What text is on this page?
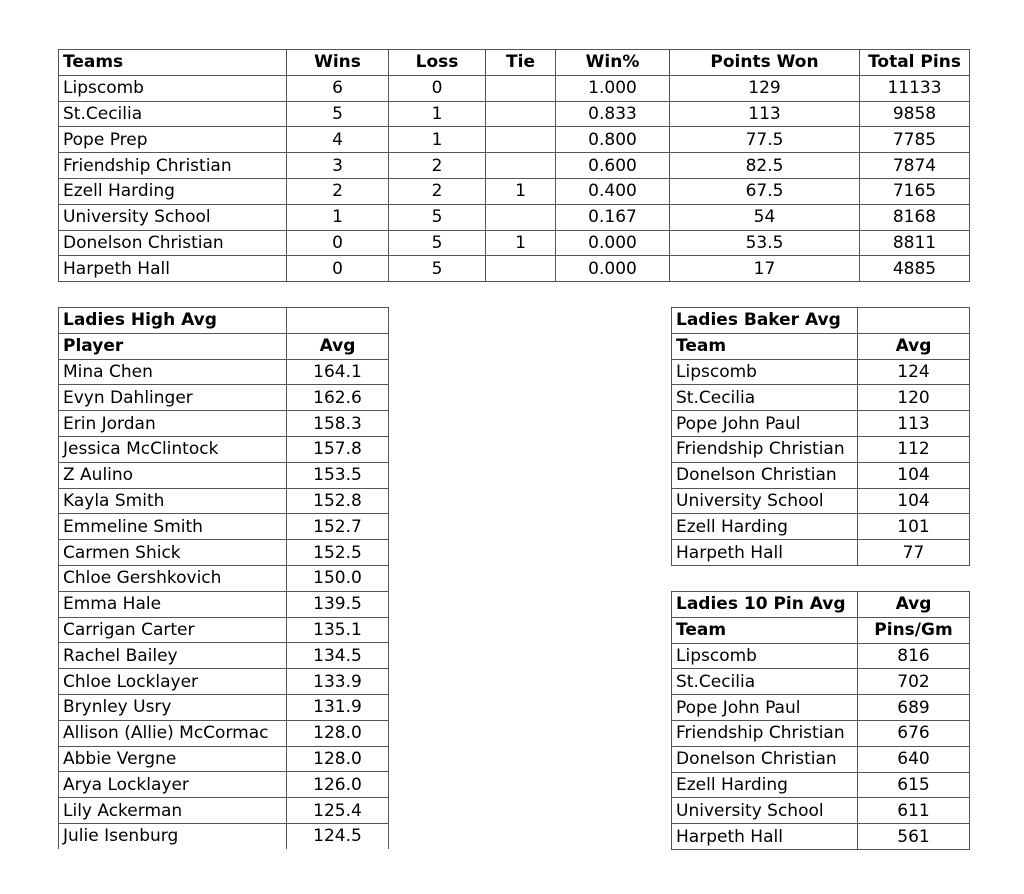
Teams	Wins	Loss	Tie	Win%	Points Won	Total Pins
Lipscomb	6	0		1.000	129	11133
St.Cecilia	5	1		0.833	113	9858
Pope Prep	4	1		0.800	77.5	7785
Friendship Christian	3	2		0.600	82.5	7874
Ezell Harding	2	2	1	0.400	67.5	7165
University School	1	5		0.167	54	8168
Donelson Christian	0	5	1	0.000	53.5	8811
Harpeth Hall	0	5		0.000	17	4885
Ladies High Avg	
Player	Avg
Mina Chen	164.1
Evyn Dahlinger	162.6
Erin Jordan	158.3
Jessica McClintock	157.8
Z Aulino	153.5
Kayla Smith	152.8
Emmeline Smith	152.7
Carmen Shick	152.5
Chloe Gershkovich	150.0
Emma Hale	139.5
Carrigan Carter	135.1
Rachel Bailey	134.5
Chloe Locklayer	133.9
Brynley Usry	131.9
Allison (Allie) McCormac	128.0
Abbie Vergne	128.0
Arya Locklayer	126.0
Lily Ackerman	125.4
Julie Isenburg	124.5
Ladies Baker Avg	
Team	Avg
Lipscomb	124
St.Cecilia	120
Pope John Paul	113
Friendship Christian	112
Donelson Christian	104
University School	104
Ezell Harding	101
Harpeth Hall	77
Ladies 10 Pin Avg	Avg
Team	Pins/Gm
Lipscomb	816
St.Cecilia	702
Pope John Paul	689
Friendship Christian	676
Donelson Christian	640
Ezell Harding	615
University School	611
Harpeth Hall	561
